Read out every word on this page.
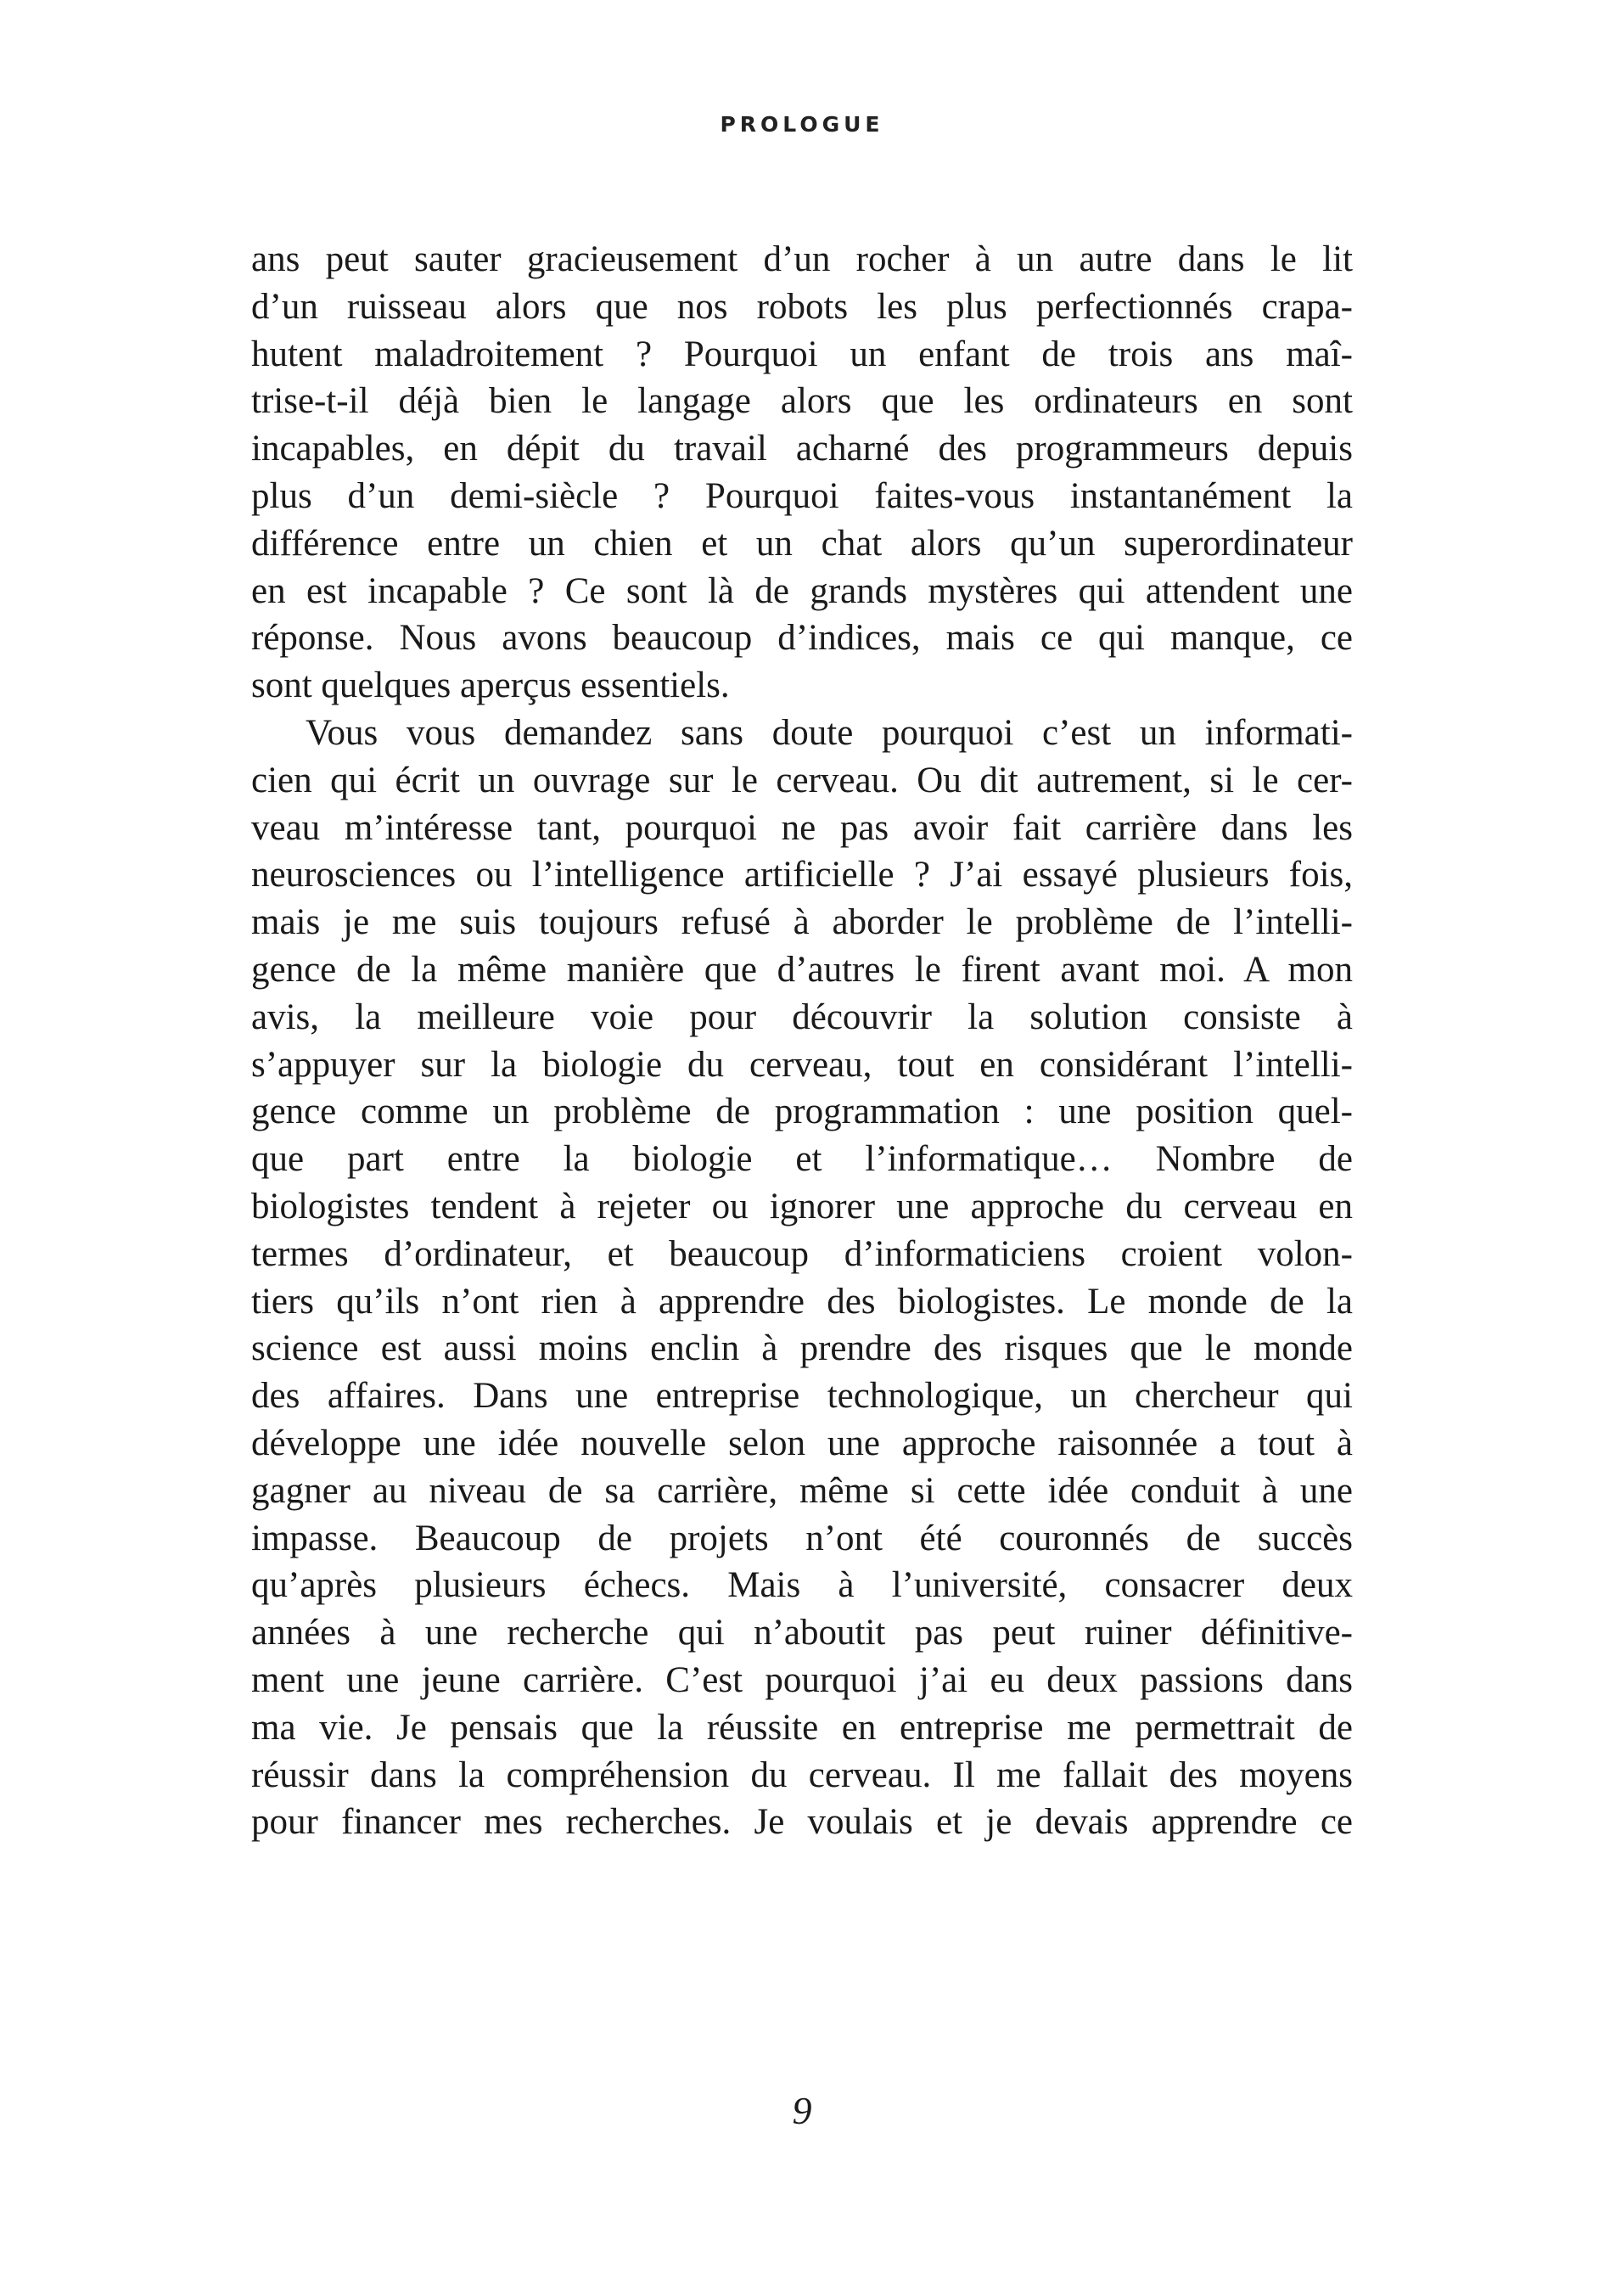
PROLOGUE
ans peut sauter gracieusement d’un rocher à un autre dans le lit
d’un ruisseau alors que nos robots les plus perfectionnés crapa-
hutent maladroitement ? Pourquoi un enfant de trois ans maî-
trise-t-il déjà bien le langage alors que les ordinateurs en sont
incapables, en dépit du travail acharné des programmeurs depuis
plus d’un demi-siècle ? Pourquoi faites-vous instantanément la
différence entre un chien et un chat alors qu’un superordinateur
en est incapable ? Ce sont là de grands mystères qui attendent une
réponse. Nous avons beaucoup d’indices, mais ce qui manque, ce
sont quelques aperçus essentiels.
Vous vous demandez sans doute pourquoi c’est un informati-
cien qui écrit un ouvrage sur le cerveau. Ou dit autrement, si le cer-
veau m’intéresse tant, pourquoi ne pas avoir fait carrière dans les
neurosciences ou l’intelligence artificielle ? J’ai essayé plusieurs fois,
mais je me suis toujours refusé à aborder le problème de l’intelli-
gence de la même manière que d’autres le firent avant moi. A mon
avis, la meilleure voie pour découvrir la solution consiste à
s’appuyer sur la biologie du cerveau, tout en considérant l’intelli-
gence comme un problème de programmation : une position quel-
que part entre la biologie et l’informatique… Nombre de
biologistes tendent à rejeter ou ignorer une approche du cerveau en
termes d’ordinateur, et beaucoup d’informaticiens croient volon-
tiers qu’ils n’ont rien à apprendre des biologistes. Le monde de la
science est aussi moins enclin à prendre des risques que le monde
des affaires. Dans une entreprise technologique, un chercheur qui
développe une idée nouvelle selon une approche raisonnée a tout à
gagner au niveau de sa carrière, même si cette idée conduit à une
impasse. Beaucoup de projets n’ont été couronnés de succès
qu’après plusieurs échecs. Mais à l’université, consacrer deux
années à une recherche qui n’aboutit pas peut ruiner définitive-
ment une jeune carrière. C’est pourquoi j’ai eu deux passions dans
ma vie. Je pensais que la réussite en entreprise me permettrait de
réussir dans la compréhension du cerveau. Il me fallait des moyens
pour financer mes recherches. Je voulais et je devais apprendre ce
9
